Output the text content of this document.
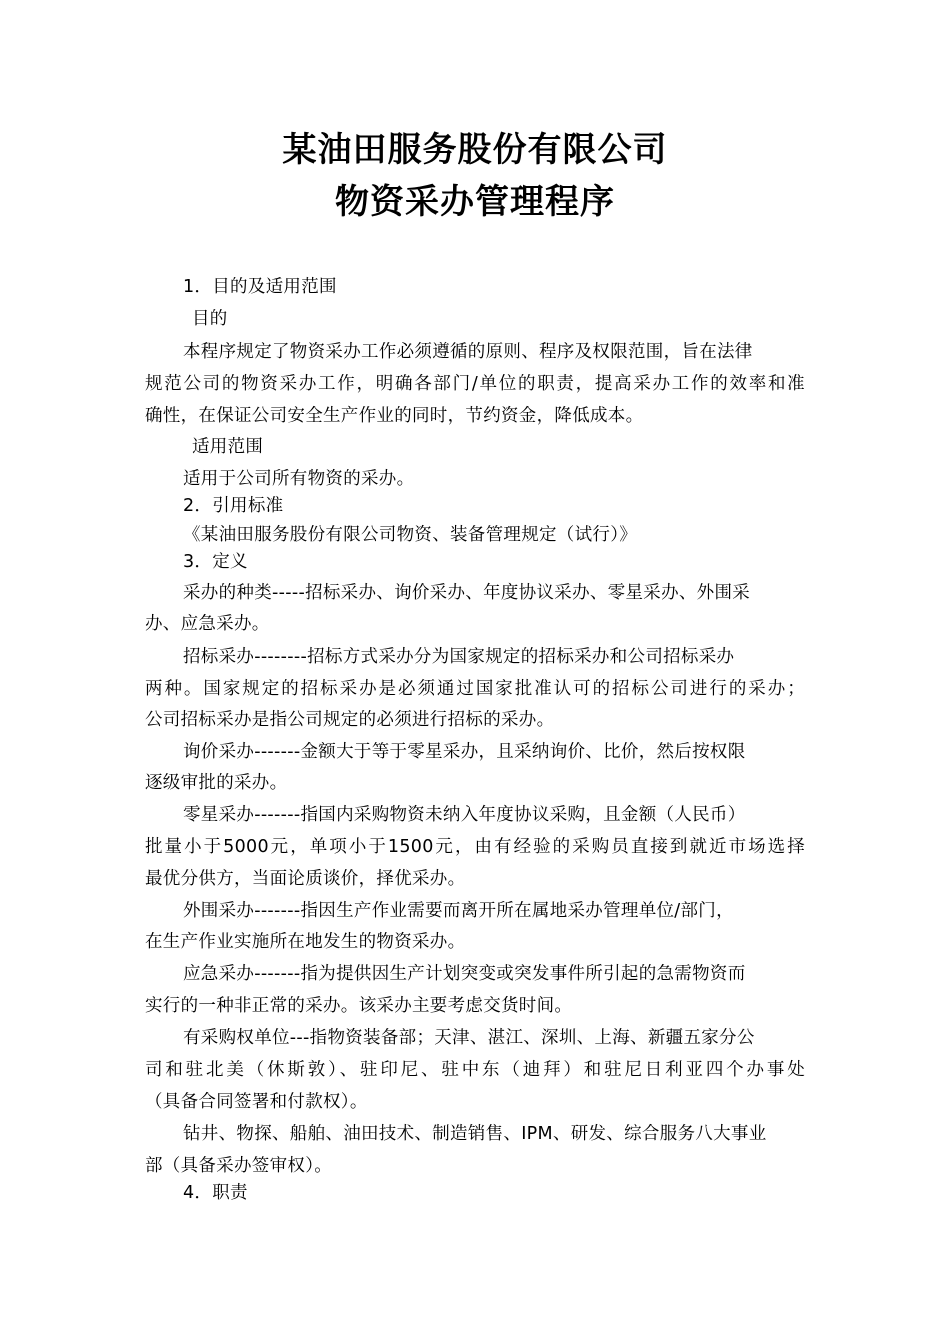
某油田服务股份有限公司
物资采办管理程序
1．目的及适用范围
目的
本程序规定了物资采办工作必须遵循的原则、程序及权限范围，旨在法律
规范公司的物资采办工作，明确各部门/单位的职责，提高采办工作的效率和准
确性，在保证公司安全生产作业的同时，节约资金，降低成本。
适用范围
适用于公司所有物资的采办。
2．引用标准
《某油田服务股份有限公司物资、装备管理规定（试行）》
3．定义
采办的种类-----招标采办、询价采办、年度协议采办、零星采办、外围采
办、应急采办。
招标采办--------招标方式采办分为国家规定的招标采办和公司招标采办
两种。国家规定的招标采办是必须通过国家批准认可的招标公司进行的采办；
公司招标采办是指公司规定的必须进行招标的采办。
询价采办-------金额大于等于零星采办，且采纳询价、比价，然后按权限
逐级审批的采办。
零星采办-------指国内采购物资未纳入年度协议采购，且金额（人民币）
批量小于5000元，单项小于1500元，由有经验的采购员直接到就近市场选择
最优分供方，当面论质谈价，择优采办。
外围采办-------指因生产作业需要而离开所在属地采办管理单位/部门，
在生产作业实施所在地发生的物资采办。
应急采办-------指为提供因生产计划突变或突发事件所引起的急需物资而
实行的一种非正常的采办。该采办主要考虑交货时间。
有采购权单位---指物资装备部；天津、湛江、深圳、上海、新疆五家分公
司和驻北美（休斯敦）、驻印尼、驻中东（迪拜）和驻尼日利亚四个办事处
（具备合同签署和付款权）。
钻井、物探、船舶、油田技术、制造销售、IPM、研发、综合服务八大事业
部（具备采办签审权）。
4．职责
